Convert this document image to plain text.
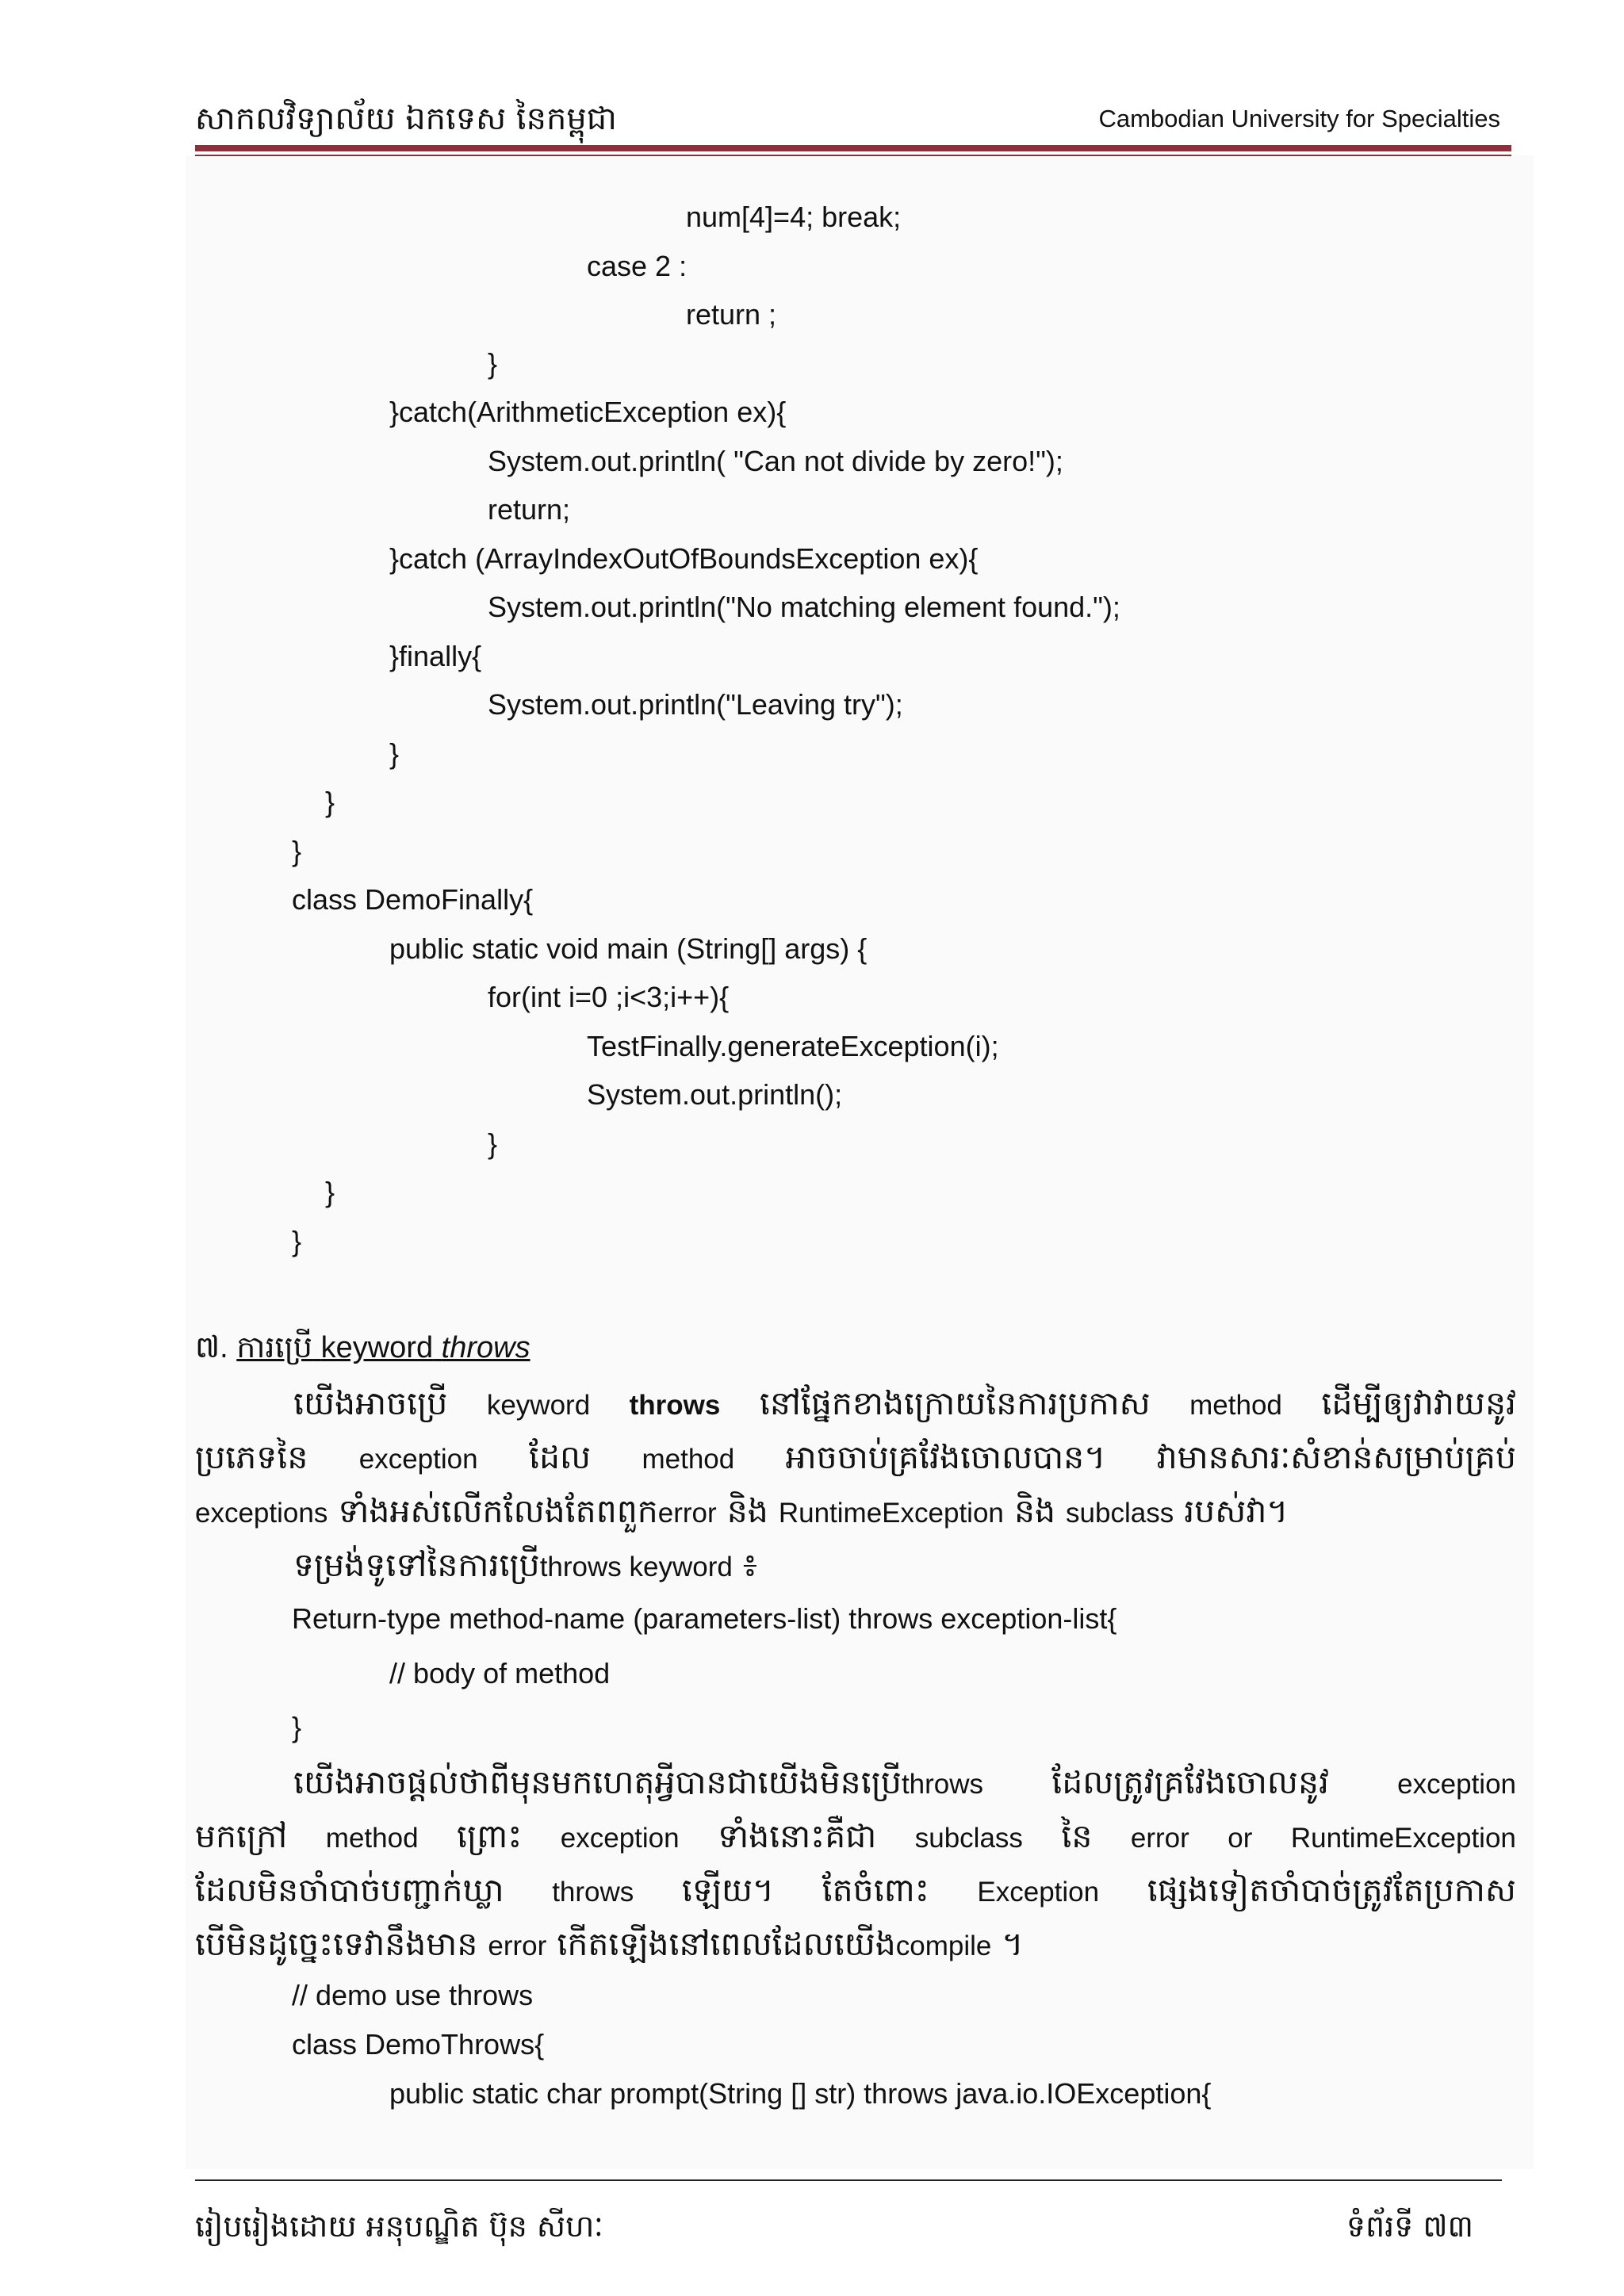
សាកលវិទ្យាល័យ ឯកទេស នៃកម្ពុជា	Cambodian University for Specialties
num[4]=4; break;
case 2 :
return ;
}
}catch(ArithmeticException ex){
System.out.println( "Can not divide by zero!");
return;
}catch (ArrayIndexOutOfBoundsException ex){
System.out.println("No matching element found.");
}finally{
System.out.println("Leaving try");
}
}
}
class DemoFinally{
public static void main (String[] args) {
for(int i=0 ;i<3;i++){
TestFinally.generateException(i);
System.out.println();
}
}
}
៧. ការប្រើ keyword throws
យើងអាចប្រើ keyword throws នៅផ្នែកខាងក្រោយនៃការប្រកាស method ដើម្បីឲ្យវាវាយនូវ
ប្រភេទនៃ exception ដែល method អាចចាប់គ្រវែងចោលបាន។ វាមានសារៈសំខាន់សម្រាប់គ្រប់
exceptions ទាំងអស់លើកលែងតែពពួកerror និង RuntimeException និង subclass របស់វា។
ទម្រង់ទូទៅនៃការប្រើthrows keyword ៖
Return-type method-name (parameters-list) throws exception-list{
// body of method
}
យើងអាចផ្តល់ថាពីមុនមកហេតុអ្វីបានជាយើងមិនប្រើthrows ដែលត្រូវគ្រវែងចោលនូវ exception
មកក្រៅ method ព្រោះ exception ទាំងនោះគឺជា subclass នៃ error or RuntimeException
ដែលមិនចាំបាច់បញ្ជាក់ឃ្លា throws ឡើយ។ តែចំពោះ Exception ផ្សេងទៀតចាំបាច់ត្រូវតែប្រកាស
បើមិនដូច្នេះទេវានឹងមាន error កើតឡើងនៅពេលដែលយើងcompile ។
// demo use throws
class DemoThrows{
public static char prompt(String [] str) throws java.io.IOException{
រៀបរៀងដោយ អនុបណ្ឌិត ប៊ុន សីហៈ	ទំព័រទី ៧៣
